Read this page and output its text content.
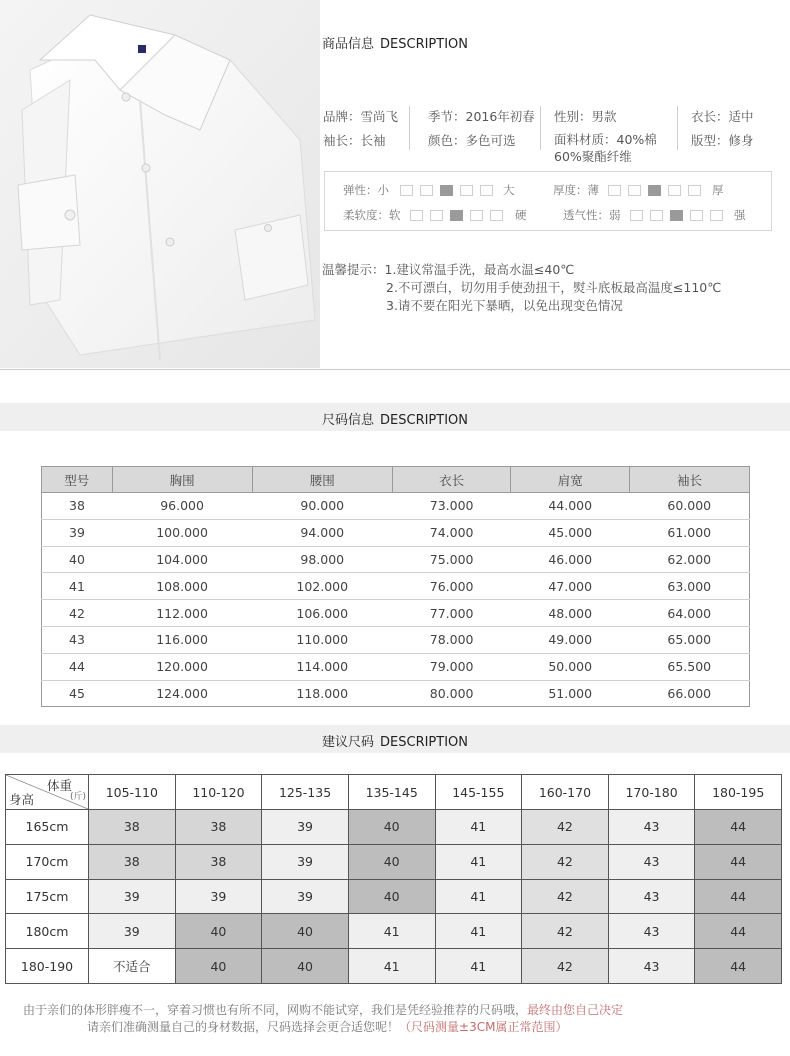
商品信息 DESCRIPTION
品牌：雪尚飞
袖长：长袖
季节：2016年初春
颜色：多色可选
性别：男款
面料材质：40%棉
60%聚酯纤维
衣长：适中
版型：修身
弹性：小	大	厚度：薄	厚
柔软度：软	硬	透气性：弱	强
温馨提示：1.建议常温手洗，最高水温≤40℃
2.不可漂白，切勿用手使劲扭干，熨斗底板最高温度≤110℃
3.请不要在阳光下暴晒，以免出现变色情况
尺码信息 DESCRIPTION
型号	胸围	腰围	衣长	肩宽	袖长
38	96.000	90.000	73.000	44.000	60.000
39	100.000	94.000	74.000	45.000	61.000
40	104.000	98.000	75.000	46.000	62.000
41	108.000	102.000	76.000	47.000	63.000
42	112.000	106.000	77.000	48.000	64.000
43	116.000	110.000	78.000	49.000	65.000
44	120.000	114.000	79.000	50.000	65.500
45	124.000	118.000	80.000	51.000	66.000
建议尺码 DESCRIPTION
体重
(斤)
身高	105-110	110-120	125-135	135-145	145-155	160-170	170-180	180-195
165cm	38	38	39	40	41	42	43	44
170cm	38	38	39	40	41	42	43	44
175cm	39	39	39	40	41	42	43	44
180cm	39	40	40	41	41	42	43	44
180-190	不适合	40	40	41	41	42	43	44
由于亲们的体形胖瘦不一，穿着习惯也有所不同，网购不能试穿，我们是凭经验推荐的尺码哦，最终由您自己决定
请亲们准确测量自己的身材数据，尺码选择会更合适您呢！（尺码测量±3CM属正常范围）
